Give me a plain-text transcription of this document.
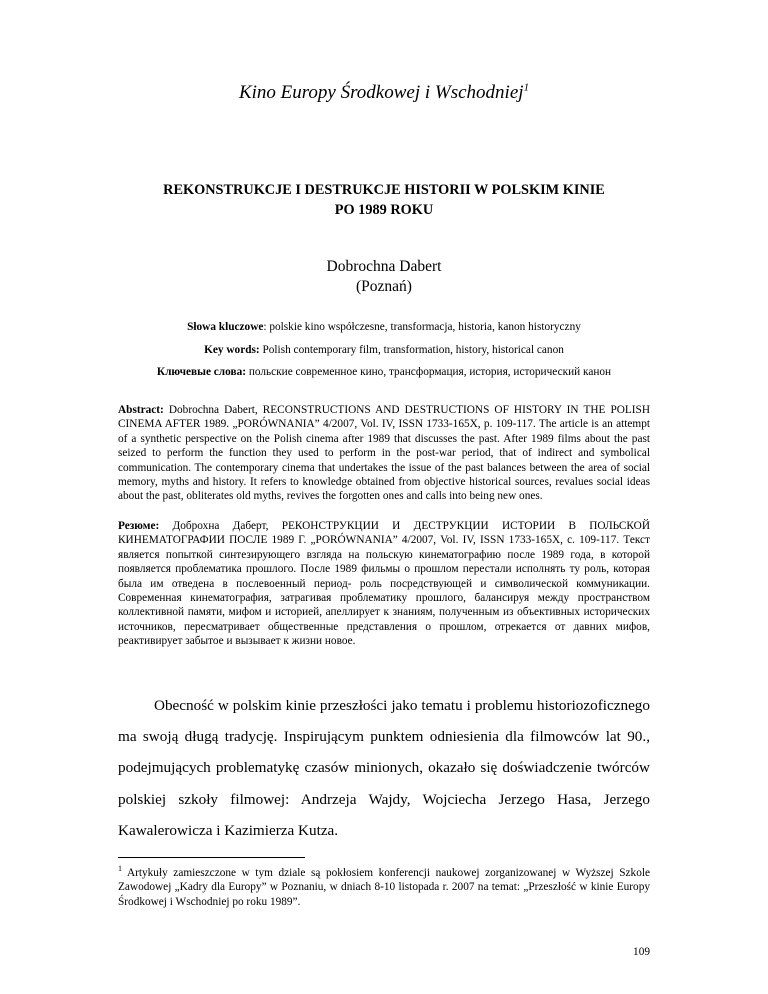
Kino Europy Środkowej i Wschodniej$^1$
REKONSTRUKCJE I DESTRUKCJE HISTORII W POLSKIM KINIE
PO 1989 ROKU
Dobrochna Dabert
(Poznań)
Słowa kluczowe: polskie kino współczesne, transformacja, historia, kanon historyczny
Key words: Polish contemporary film, transformation, history, historical canon
Ключевые слова: польские современное кино, трансформация, история, исторический канон
Abstract: Dobrochna Dabert, RECONSTRUCTIONS AND DESTRUCTIONS OF HISTORY IN THE POLISH CINEMA AFTER 1989. „PORÓWNANIA” 4/2007, Vol. IV, ISSN 1733-165X, p. 109-117. The article is an attempt of a synthetic perspective on the Polish cinema after 1989 that discusses the past. After 1989 films about the past seized to perform the function they used to perform in the post-war period, that of indirect and symbolical communication. The contemporary cinema that undertakes the issue of the past balances between the area of social memory, myths and history. It refers to knowledge obtained from objective historical sources, revalues social ideas about the past, obliterates old myths, revives the forgotten ones and calls into being new ones.
Резюме: Доброхна Даберт, РЕКОНСТРУКЦИИ И ДЕСТРУКЦИИ ИСТОРИИ В ПОЛЬСКОЙ КИНЕМАТОГРАФИИ ПОСЛЕ 1989 Г. „PORÓWNANIA” 4/2007, Vol. IV, ISSN 1733-165X, с. 109-117. Текст является попыткой синтезирующего взгляда на польскую кинематографию после 1989 года, в которой появляется проблематика прошлого. После 1989 фильмы о прошлом перестали исполнять ту роль, которая была им отведена в послевоенный период- роль посредствующей и символической коммуникации. Современная кинематография, затрагивая проблематику прошлого, балансируя между пространством коллективной памяти, мифом и историей, апеллирует к знаниям, полученным из объективных исторических источников, пересматривает общественные представления о прошлом, отрекается от давних мифов, реактивирует забытое и вызывает к жизни новое.
Obecność w polskim kinie przeszłości jako tematu i problemu historiozoficznego ma swoją długą tradycję. Inspirującym punktem odniesienia dla filmowców lat 90., podejmujących problematykę czasów minionych, okazało się doświadczenie twórców polskiej szkoły filmowej: Andrzeja Wajdy, Wojciecha Jerzego Hasa, Jerzego Kawalerowicza i Kazimierza Kutza.
$^1$ Artykuły zamieszczone w tym dziale są pokłosiem konferencji naukowej zorganizowanej w Wyższej Szkole Zawodowej „Kadry dla Europy” w Poznaniu, w dniach 8-10 listopada r. 2007 na temat: „Przeszłość w kinie Europy Środkowej i Wschodniej po roku 1989”.
109
